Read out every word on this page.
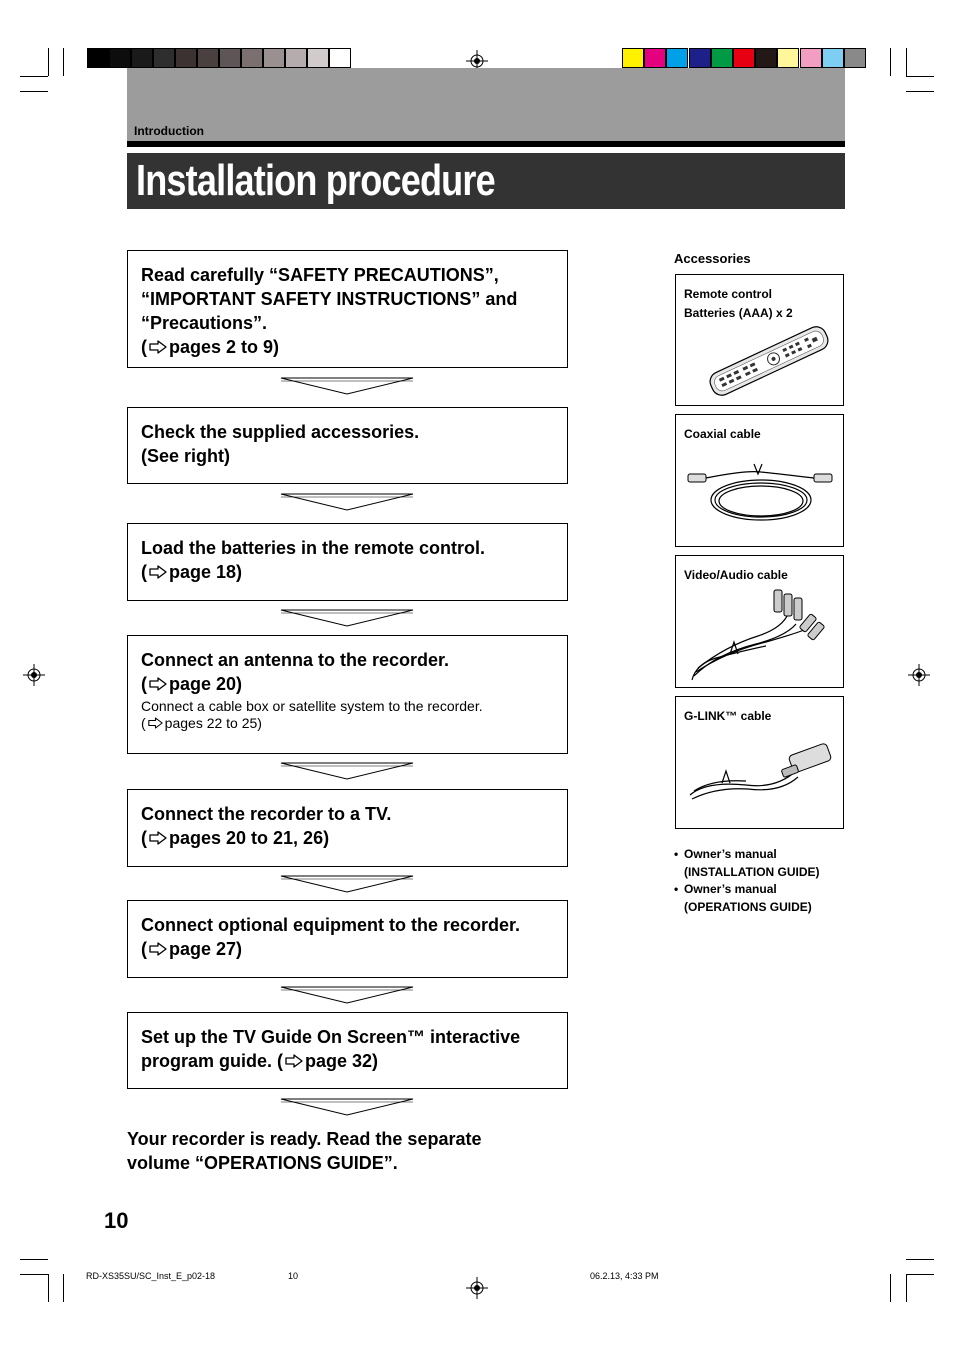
Introduction
Installation procedure
Read carefully “SAFETY PRECAUTIONS”,
“IMPORTANT SAFETY INSTRUCTIONS” and
“Precautions”.
( pages 2 to 9)
Check the supplied accessories.
(See right)
Load the batteries in the remote control.
( page 18)
Connect an antenna to the recorder.
( page 20)
Connect a cable box or satellite system to the recorder.
( pages 22 to 25)
Connect the recorder to a TV.
( pages 20 to 21, 26)
Connect optional equipment to the recorder.
( page 27)
Set up the TV Guide On Screen™ interactive
program guide. ( page 32)
Your recorder is ready. Read the separate
volume “OPERATIONS GUIDE”.
Accessories
Remote control
Batteries (AAA) x 2
Coaxial cable
Video/Audio cable
G-LINK™ cable
• Owner’s manual
(INSTALLATION GUIDE)
• Owner’s manual
(OPERATIONS GUIDE)
10
RD-XS35SU/SC_Inst_E_p02-18	10	06.2.13, 4:33 PM
